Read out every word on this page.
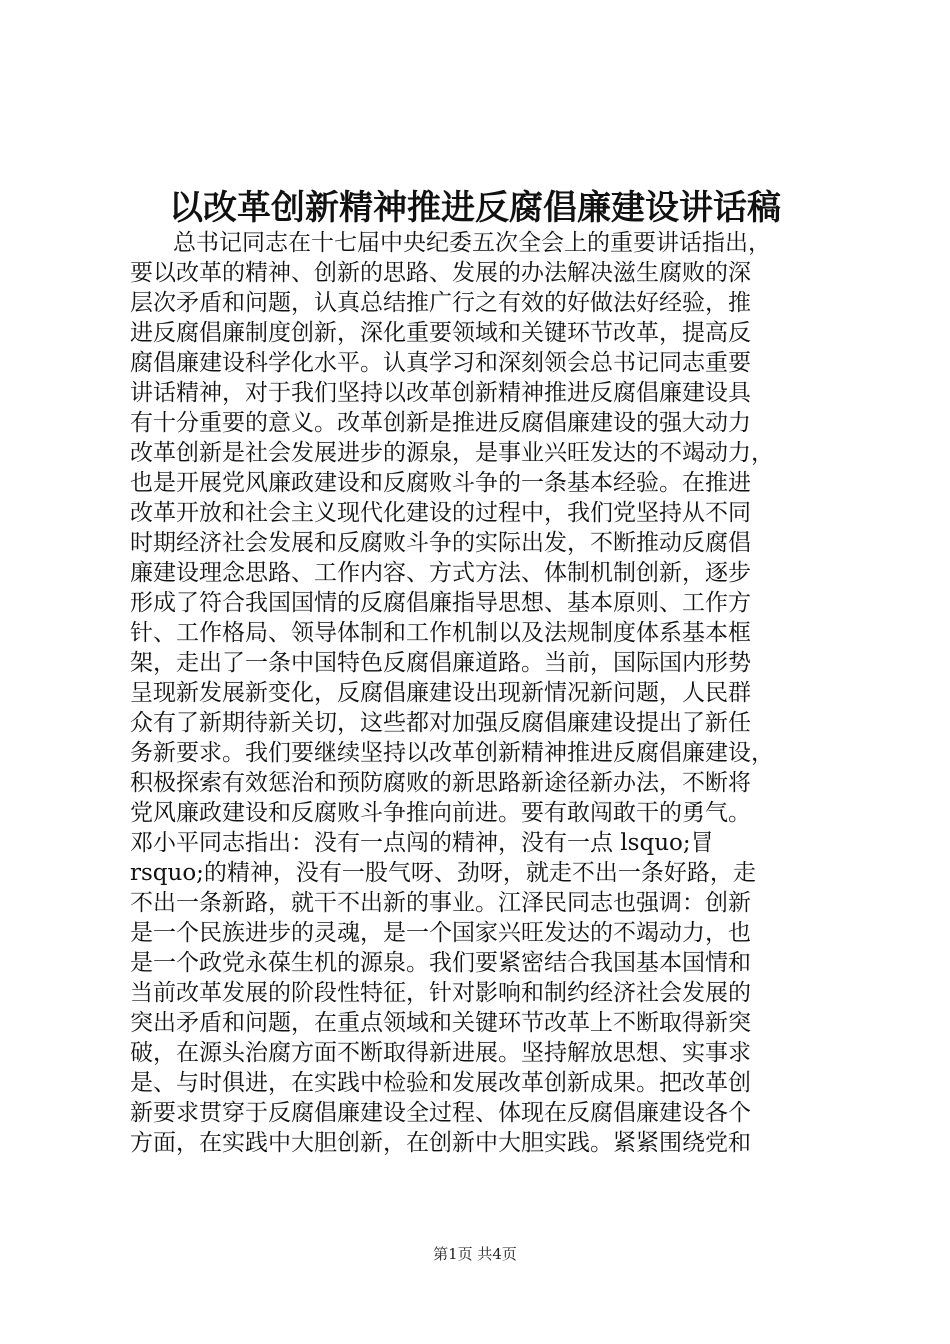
以改革创新精神推进反腐倡廉建设讲话稿
总书记同志在十七届中央纪委五次全会上的重要讲话指出，
要以改革的精神、创新的思路、发展的办法解决滋生腐败的深
层次矛盾和问题，认真总结推广行之有效的好做法好经验，推
进反腐倡廉制度创新，深化重要领域和关键环节改革，提高反
腐倡廉建设科学化水平。认真学习和深刻领会总书记同志重要
讲话精神，对于我们坚持以改革创新精神推进反腐倡廉建设具
有十分重要的意义。改革创新是推进反腐倡廉建设的强大动力
改革创新是社会发展进步的源泉，是事业兴旺发达的不竭动力，
也是开展党风廉政建设和反腐败斗争的一条基本经验。在推进
改革开放和社会主义现代化建设的过程中，我们党坚持从不同
时期经济社会发展和反腐败斗争的实际出发，不断推动反腐倡
廉建设理念思路、工作内容、方式方法、体制机制创新，逐步
形成了符合我国国情的反腐倡廉指导思想、基本原则、工作方
针、工作格局、领导体制和工作机制以及法规制度体系基本框
架，走出了一条中国特色反腐倡廉道路。当前，国际国内形势
呈现新发展新变化，反腐倡廉建设出现新情况新问题，人民群
众有了新期待新关切，这些都对加强反腐倡廉建设提出了新任
务新要求。我们要继续坚持以改革创新精神推进反腐倡廉建设，
积极探索有效惩治和预防腐败的新思路新途径新办法，不断将
党风廉政建设和反腐败斗争推向前进。要有敢闯敢干的勇气。
邓小平同志指出：没有一点闯的精神，没有一点 lsquo;冒
rsquo;的精神，没有一股气呀、劲呀，就走不出一条好路，走
不出一条新路，就干不出新的事业。江泽民同志也强调：创新
是一个民族进步的灵魂，是一个国家兴旺发达的不竭动力，也
是一个政党永葆生机的源泉。我们要紧密结合我国基本国情和
当前改革发展的阶段性特征，针对影响和制约经济社会发展的
突出矛盾和问题，在重点领域和关键环节改革上不断取得新突
破，在源头治腐方面不断取得新进展。坚持解放思想、实事求
是、与时俱进，在实践中检验和发展改革创新成果。把改革创
新要求贯穿于反腐倡廉建设全过程、体现在反腐倡廉建设各个
方面，在实践中大胆创新，在创新中大胆实践。紧紧围绕党和
第1页 共4页
